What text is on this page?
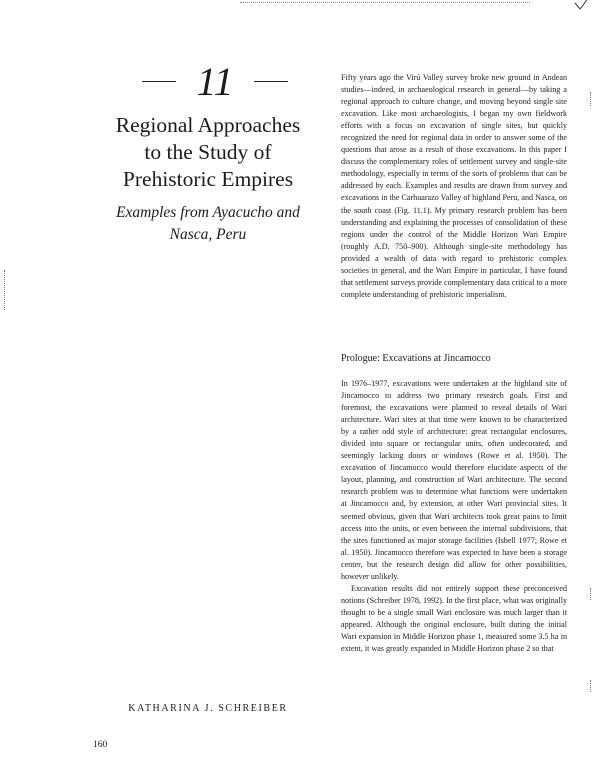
11
Regional Approaches to the Study of Prehistoric Empires
Examples from Ayacucho and Nasca, Peru

Fifty years ago the Virú Valley survey broke new ground in Andean studies—indeed, in archaeological research in general—by taking a regional approach to culture change, and moving beyond single site excavation. Like most archaeologists, I began my own fieldwork efforts with a focus on excavation of single sites, but quickly recognized the need for regional data in order to answer some of the questions that arose as a result of those excavations. In this paper I discuss the complementary roles of settlement survey and single-site methodology, especially in terms of the sorts of problems that can be addressed by each. Examples and results are drawn from survey and excavations in the Carhuarazo Valley of highland Peru, and Nasca, on the south coast (Fig. 11.1). My primary research problem has been understanding and explaining the processes of consolidation of these regions under the control of the Middle Horizon Wari Empire (roughly A.D. 750–900). Although single-site methodology has provided a wealth of data with regard to prehistoric complex societies in general, and the Wari Empire in particular, I have found that settlement surveys provide complementary data critical to a more complete understanding of prehistoric imperialism.

Prologue: Excavations at Jincamocco

In 1976–1977, excavations were undertaken at the highland site of Jincamocco to address two primary research goals. First and foremost, the excavations were planned to reveal details of Wari architecture. Wari sites at that time were known to be characterized by a rather odd style of architecture: great rectangular enclosures, divided into square or rectangular units, often undecorated, and seemingly lacking doors or windows (Rowe et al. 1950). The excavation of Jincamocco would therefore elucidate aspects of the layout, planning, and construction of Wari architecture. The second research problem was to determine what functions were undertaken at Jincamocco and, by extension, at other Wari provincial sites. It seemed obvious, given that Wari architects took great pains to limit access into the units, or even between the internal subdivisions, that the sites functioned as major storage facilities (Isbell 1977; Rowe et al. 1950). Jincamocco therefore was expected to have been a storage center, but the research design did allow for other possibilities, however unlikely.

Excavation results did not entirely support these preconceived notions (Schreiber 1978, 1992). In the first place, what was originally thought to be a single small Wari enclosure was much larger than it appeared. Although the original enclosure, built during the initial Wari expansion in Middle Horizon phase 1, measured some 3.5 ha in extent, it was greatly expanded in Middle Horizon phase 2 so that

KATHARINA J. SCHREIBER
160
